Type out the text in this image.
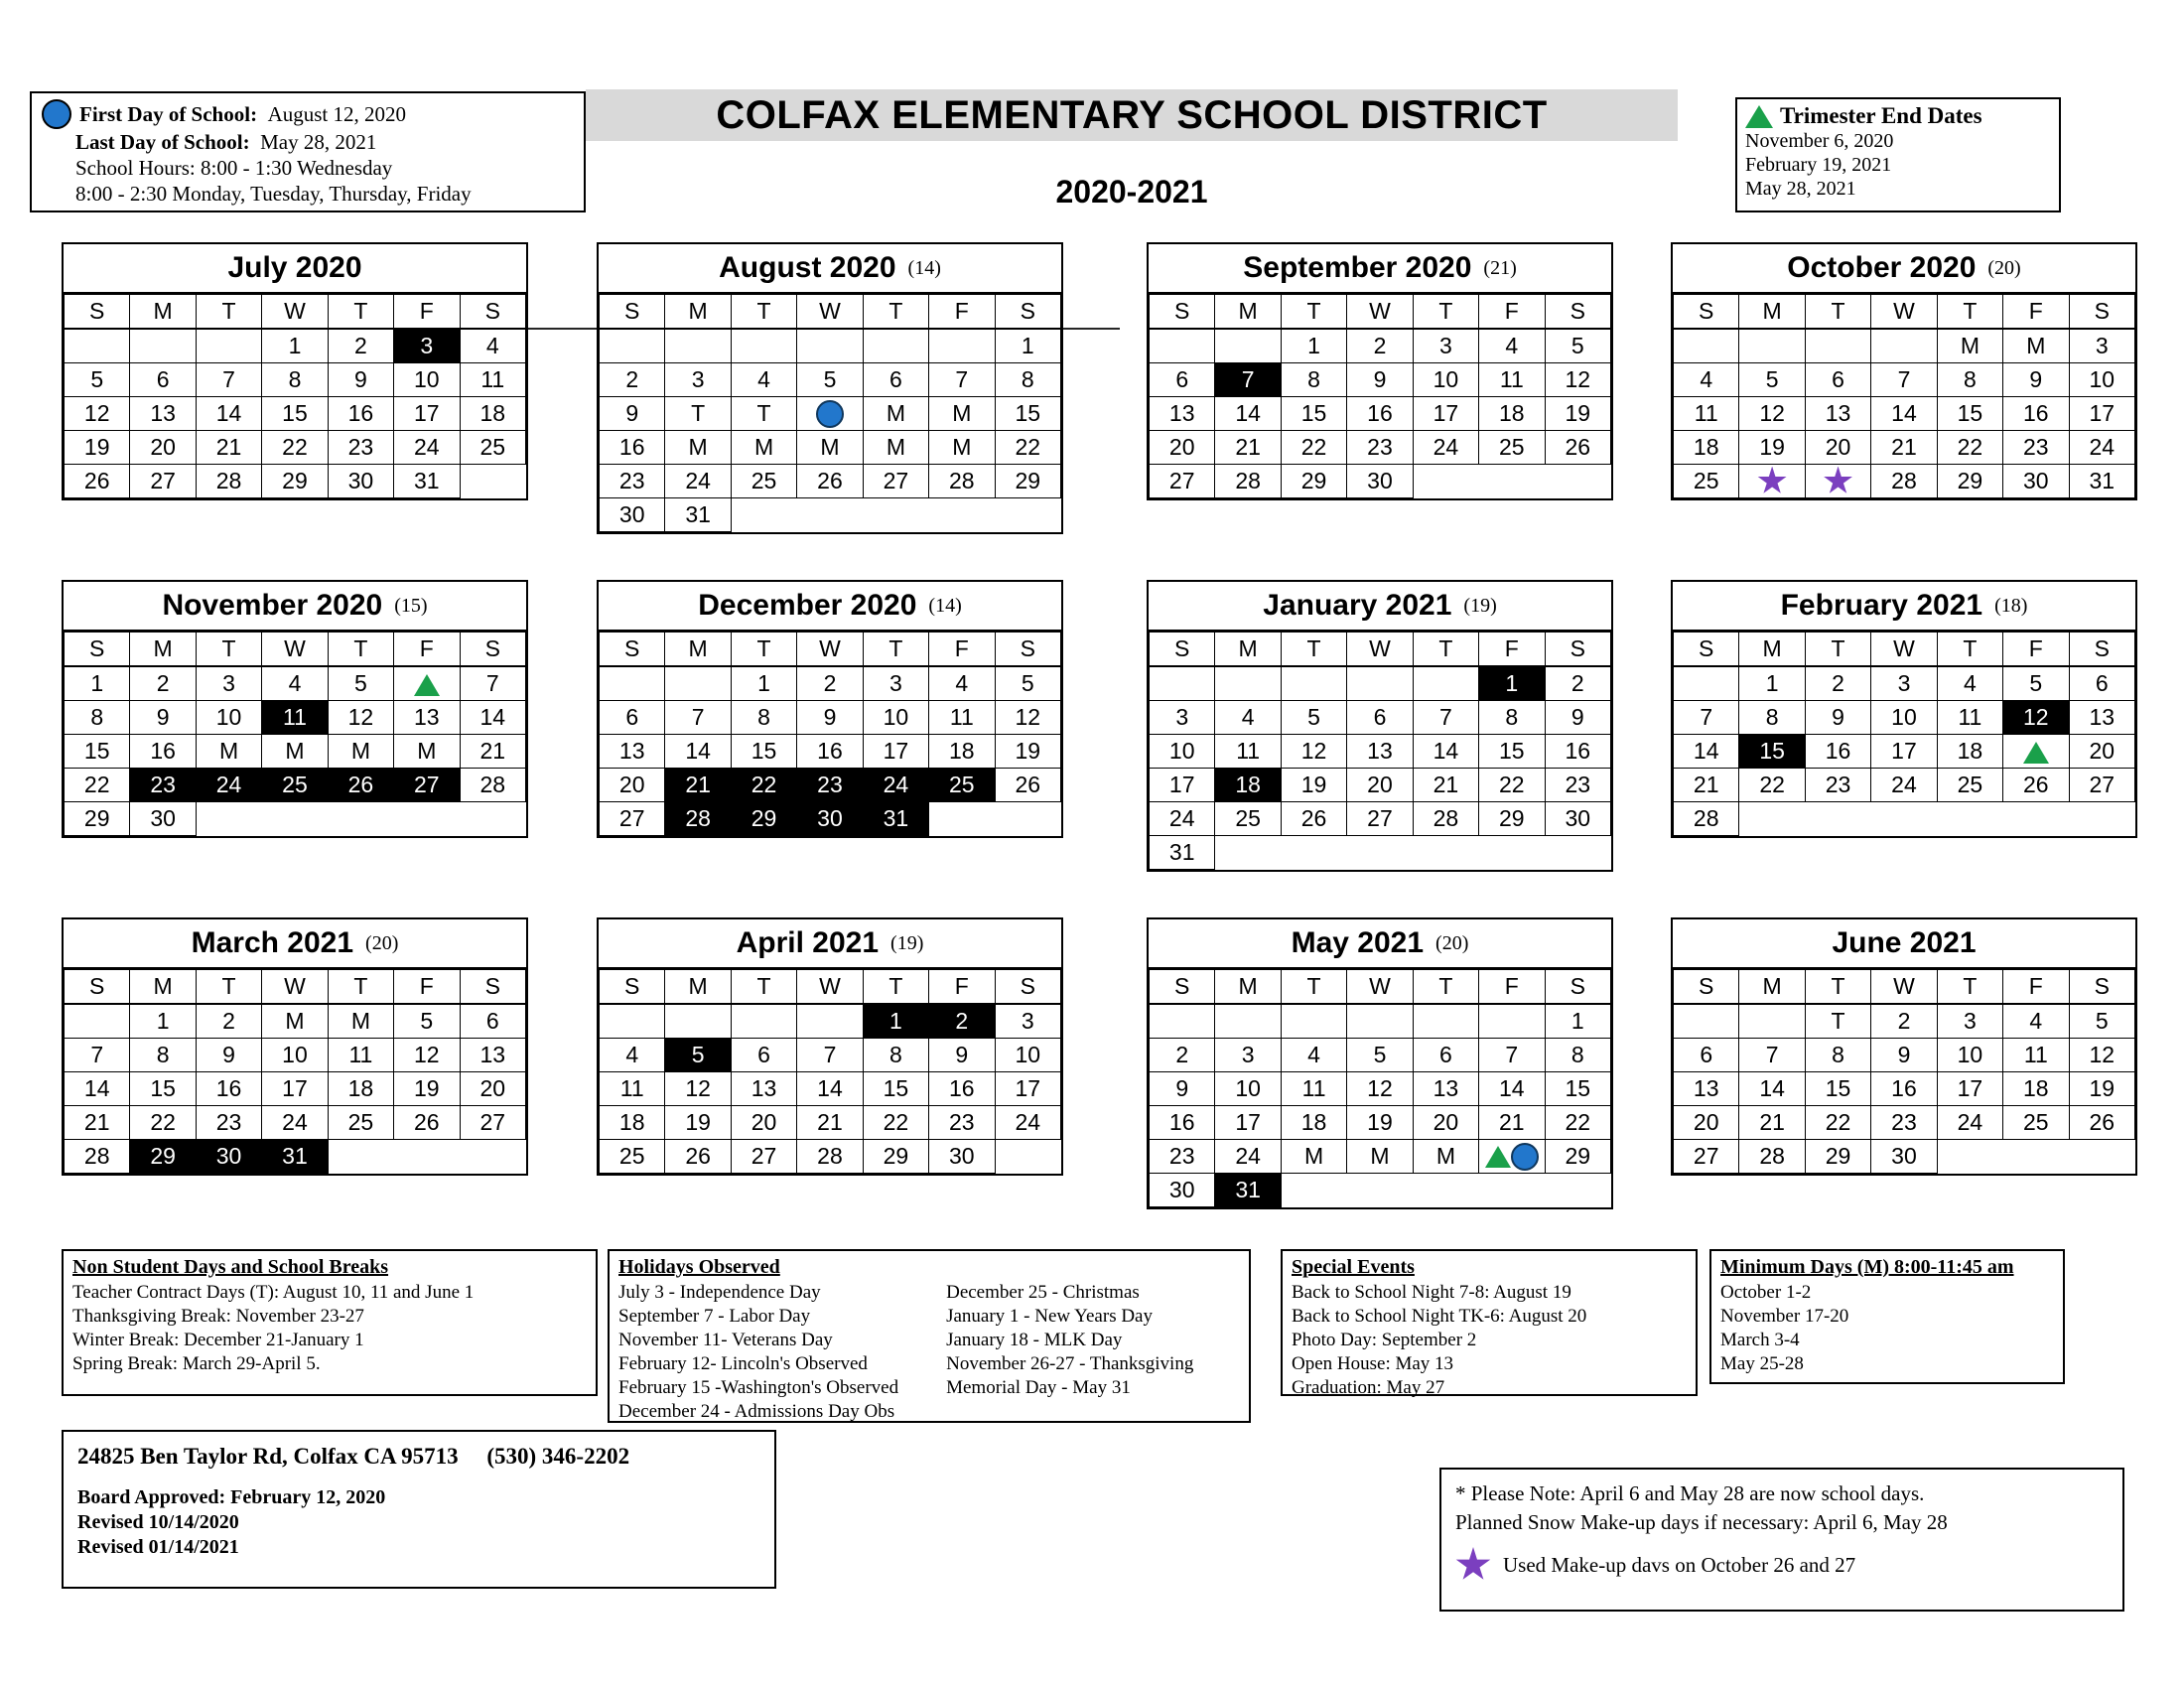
First Day of School: August 12, 2020
Last Day of School: May 28, 2021
School Hours: 8:00 - 1:30 Wednesday
8:00 - 2:30 Monday, Tuesday, Thursday, Friday
COLFAX ELEMENTARY SCHOOL DISTRICT
2020-2021
Trimester End Dates
November 6, 2020
February 19, 2021
May 28, 2021
July 2020
S	M	T	W	T	F	S
			1	2	3	4
5	6	7	8	9	10	11
12	13	14	15	16	17	18
19	20	21	22	23	24	25
26	27	28	29	30	31	
August 2020 (14)
S	M	T	W	T	F	S
						1
2	3	4	5	6	7	8
9	T	T		M	M	15
16	M	M	M	M	M	22
23	24	25	26	27	28	29
30	31					
September 2020 (21)
S	M	T	W	T	F	S
		1	2	3	4	5
6	7	8	9	10	11	12
13	14	15	16	17	18	19
20	21	22	23	24	25	26
27	28	29	30			
October 2020 (20)
S	M	T	W	T	F	S
				M	M	3
4	5	6	7	8	9	10
11	12	13	14	15	16	17
18	19	20	21	22	23	24
25			28	29	30	31
November 2020 (15)
S	M	T	W	T	F	S
1	2	3	4	5		7
8	9	10	11	12	13	14
15	16	M	M	M	M	21
22	23	24	25	26	27	28
29	30					
December 2020 (14)
S	M	T	W	T	F	S
		1	2	3	4	5
6	7	8	9	10	11	12
13	14	15	16	17	18	19
20	21	22	23	24	25	26
27	28	29	30	31		
January 2021 (19)
S	M	T	W	T	F	S
					1	2
3	4	5	6	7	8	9
10	11	12	13	14	15	16
17	18	19	20	21	22	23
24	25	26	27	28	29	30
31						
February 2021 (18)
S	M	T	W	T	F	S
	1	2	3	4	5	6
7	8	9	10	11	12	13
14	15	16	17	18		20
21	22	23	24	25	26	27
28						
March 2021 (20)
S	M	T	W	T	F	S
	1	2	M	M	5	6
7	8	9	10	11	12	13
14	15	16	17	18	19	20
21	22	23	24	25	26	27
28	29	30	31			
April 2021 (19)
S	M	T	W	T	F	S
				1	2	3
4	5	6	7	8	9	10
11	12	13	14	15	16	17
18	19	20	21	22	23	24
25	26	27	28	29	30	
May 2021 (20)
S	M	T	W	T	F	S
						1
2	3	4	5	6	7	8
9	10	11	12	13	14	15
16	17	18	19	20	21	22
23	24	M	M	M		29
30	31					
June 2021
S	M	T	W	T	F	S
		T	2	3	4	5
6	7	8	9	10	11	12
13	14	15	16	17	18	19
20	21	22	23	24	25	26
27	28	29	30			
Non Student Days and School Breaks
Teacher Contract Days (T): August 10, 11 and June 1
Thanksgiving Break: November 23-27
Winter Break: December 21-January 1
Spring Break: March 29-April 5.
Holidays Observed
July 3 - Independence Day
September 7 - Labor Day
November 11- Veterans Day
February 12- Lincoln's Observed
February 15 -Washington's Observed
December 24 - Admissions Day Obs
December 25 - Christmas
January 1 - New Years Day
January 18 - MLK Day
November 26-27 - Thanksgiving
Memorial Day - May 31
Special Events
Back to School Night 7-8: August 19
Back to School Night TK-6: August 20
Photo Day: September 2
Open House: May 13
Graduation: May 27
Minimum Days (M) 8:00-11:45 am
October 1-2
November 17-20
March 3-4
May 25-28
24825 Ben Taylor Rd, Colfax CA 95713 (530) 346-2202
Board Approved: February 12, 2020
Revised 10/14/2020
Revised 01/14/2021
* Please Note: April 6 and May 28 are now school days.
Planned Snow Make-up days if necessary: April 6, May 28
Used Make-up davs on October 26 and 27
